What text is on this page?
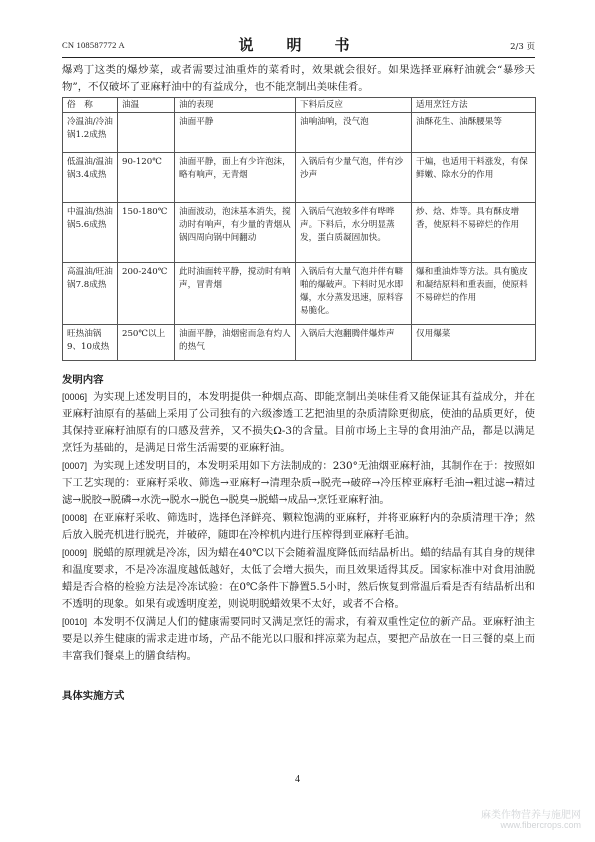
CN 108587772 A	说　明　书	2/3 页

爆鸡丁这类的爆炒菜，或者需要过油重炸的菜肴时，效果就会很好。如果选择亚麻籽油就会“暴殄天物”，不仅破坏了亚麻籽油中的有益成分，也不能烹制出美味佳肴。

俗　称	油温	油的表现	下料后反应	适用烹饪方法
冷温油/冷油锅1.2成热		油面平静	油响油响，没气泡	油酥花生、油酥腰果等
低温油/温油锅3.4成热	90-120℃	油面平静，面上有少许泡沫，略有响声，无青烟	入锅后有少量气泡，伴有沙沙声	干煸，也适用干料涨发，有保鲜嫩、除水分的作用
中温油/热油锅5.6成热	150-180℃	油面波动，泡沫基本消失，搅动时有响声，有少量的青烟从锅四周向锅中间翻动	入锅后气泡较多伴有哗哗声。下料后，水分明显蒸发，蛋白质凝固加快。	炒、焓、炸等。具有酥皮增香，使原料不易碎烂的作用
高温油/旺油锅7.8成热	200-240℃	此时油面转平静，搅动时有响声，冒青烟	入锅后有大量气泡并伴有噼啪的爆破声。下料时见水即爆，水分蒸发迅速，原料容易脆化。	爆和重油炸等方法。具有脆皮和凝结原料和重表面，使原料不易碎烂的作用
旺热油锅9、10成热	250℃以上	油面平静，油烟密而急有灼人的热气	入锅后大泡翻腾伴爆炸声	仅用爆菜

发明内容

[0006] 为实现上述发明目的，本发明提供一种烟点高、即能烹制出美味佳肴又能保证其有益成分，并在亚麻籽油原有的基础上采用了公司独有的六级渗透工艺把油里的杂质清除更彻底，使油的品质更好，使其保持亚麻籽油原有的口感及营养，又不损失Ω-3的含量。目前市场上主导的食用油产品，都是以满足烹饪为基础的，是满足日常生活需要的亚麻籽油。

[0007] 为实现上述发明目的，本发明采用如下方法制成的：230°无油烟亚麻籽油，其制作在于：按照如下工艺实现的：亚麻籽采收、筛选→亚麻籽→清理杂质→脱壳→破碎→冷压榨亚麻籽毛油→粗过滤→精过滤→脱胶→脱磷→水洗→脱水→脱色→脱臭→脱蜡→成品→烹饪亚麻籽油。

[0008] 在亚麻籽采收、筛选时，选择色泽鲜亮、颗粒饱满的亚麻籽，并将亚麻籽内的杂质清理干净；然后放入脱壳机进行脱壳，并破碎，随即在冷榨机内进行压榨得到亚麻籽毛油。

[0009] 脱蜡的原理就是冷冻，因为蜡在40℃以下会随着温度降低而结晶析出。蜡的结晶有其自身的规律和温度要求，不是冷冻温度越低越好，太低了会增大损失，而且效果适得其反。国家标准中对食用油脱蜡是否合格的检验方法是冷冻试验：在0℃条件下静置5.5小时，然后恢复到常温后看是否有结晶析出和不透明的现象。如果有或透明度差，则说明脱蜡效果不太好，或者不合格。

[0010] 本发明不仅满足人们的健康需要同时又满足烹饪的需求，有着双重性定位的新产品。亚麻籽油主要是以养生健康的需求走进市场，产品不能光以口服和拌凉菜为起点，要把产品放在一日三餐的桌上而丰富我们餐桌上的膳食结构。

具体实施方式

4
麻类作物营养与施肥网
www.fibercrops.com
